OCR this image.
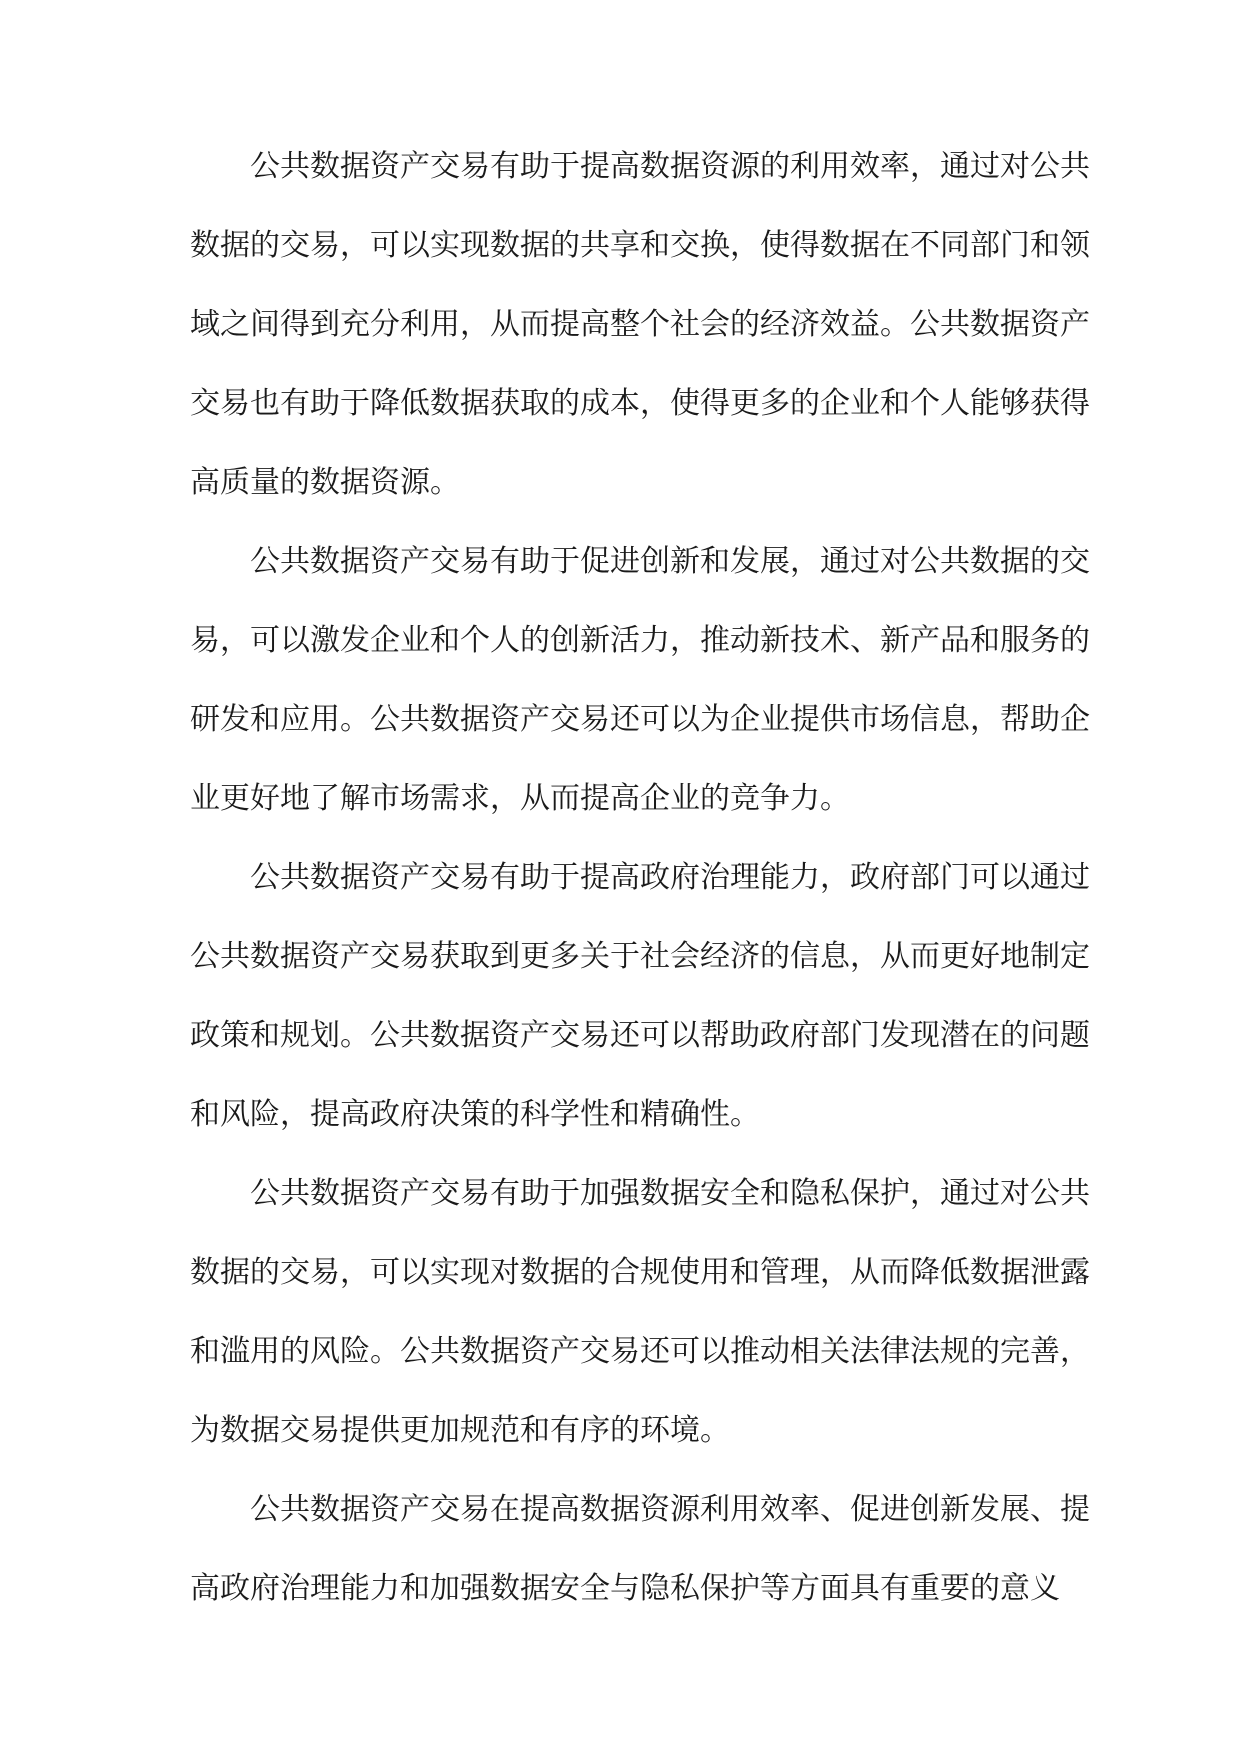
公共数据资产交易有助于提高数据资源的利用效率，通过对公共
数据的交易，可以实现数据的共享和交换，使得数据在不同部门和领
域之间得到充分利用，从而提高整个社会的经济效益。公共数据资产
交易也有助于降低数据获取的成本，使得更多的企业和个人能够获得
高质量的数据资源。
公共数据资产交易有助于促进创新和发展，通过对公共数据的交
易，可以激发企业和个人的创新活力，推动新技术、新产品和服务的
研发和应用。公共数据资产交易还可以为企业提供市场信息，帮助企
业更好地了解市场需求，从而提高企业的竞争力。
公共数据资产交易有助于提高政府治理能力，政府部门可以通过
公共数据资产交易获取到更多关于社会经济的信息，从而更好地制定
政策和规划。公共数据资产交易还可以帮助政府部门发现潜在的问题
和风险，提高政府决策的科学性和精确性。
公共数据资产交易有助于加强数据安全和隐私保护，通过对公共
数据的交易，可以实现对数据的合规使用和管理，从而降低数据泄露
和滥用的风险。公共数据资产交易还可以推动相关法律法规的完善，
为数据交易提供更加规范和有序的环境。
公共数据资产交易在提高数据资源利用效率、促进创新发展、提
高政府治理能力和加强数据安全与隐私保护等方面具有重要的意义
